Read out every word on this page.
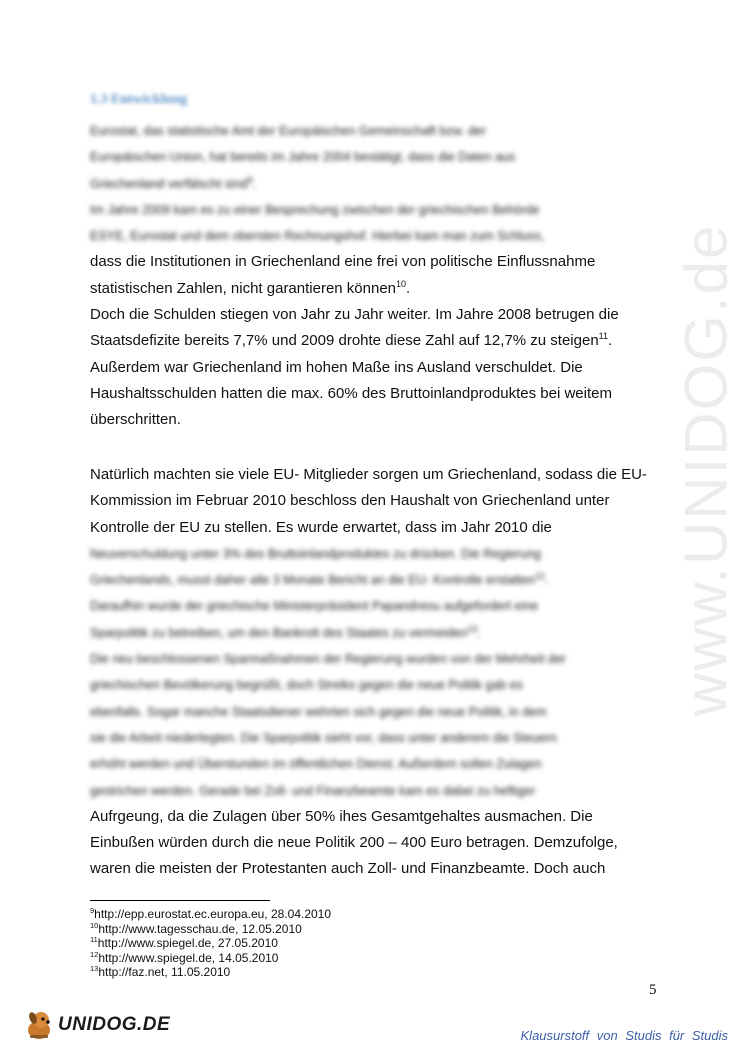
www.UNIDOG.de
1.3 Entwicklung
Eurostat, das statistische Amt der Europäischen Gemeinschaft bzw. der
Europäischen Union, hat bereits im Jahre 2004 bestätigt, dass die Daten aus
Griechenland verfälscht sind$^9$.
Im Jahre 2009 kam es zu einer Besprechung zwischen der griechischen Behörde
ESYE, Eurostat und dem obersten Rechnungshof. Hierbei kam man zum Schluss,
dass die Institutionen in Griechenland eine frei von politische Einflussnahme
statistischen Zahlen, nicht garantieren können$^{10}$.
Doch die Schulden stiegen von Jahr zu Jahr weiter. Im Jahre 2008 betrugen die
Staatsdefizite bereits 7,7% und 2009 drohte diese Zahl auf 12,7% zu steigen$^{11}$.
Außerdem war Griechenland im hohen Maße ins Ausland verschuldet. Die
Haushaltsschulden hatten die max. 60% des Bruttoinlandproduktes bei weitem
überschritten.
Natürlich machten sie viele EU- Mitglieder sorgen um Griechenland, sodass die EU-
Kommission im Februar 2010 beschloss den Haushalt von Griechenland unter
Kontrolle der EU zu stellen. Es wurde erwartet, dass im Jahr 2010 die
Neuverschuldung unter 3% des Bruttoinlandproduktes zu drücken. Die Regierung
Griechenlands, musst daher alle 3 Monate Bericht an die EU- Kontrolle erstatten$^{12}$.
Daraufhin wurde der griechische Ministerpräsident Papandreou aufgefordert eine
Sparpolitik zu betreiben, um den Bankrott des Staates zu vermeiden$^{13}$.
Die neu beschlossenen Sparmaßnahmen der Regierung wurden von der Mehrheit der
griechischen Bevölkerung begrüßt, doch Streiks gegen die neue Politik gab es
ebenfalls. Sogar manche Staatsdiener wehrten sich gegen die neue Politik, in dem
sie die Arbeit niederlegten. Die Sparpolitik sieht vor, dass unter anderem die Steuern
erhöht werden und Überstunden im öffentlichen Dienst. Außerdem sollen Zulagen
gestrichen werden. Gerade bei Zoll- und Finanzbeamte kam es dabei zu heftiger
Aufrgeung, da die Zulagen über 50% ihes Gesamtgehaltes ausmachen. Die
Einbußen würden durch die neue Politik 200 – 400 Euro betragen. Demzufolge,
waren die meisten der Protestanten auch Zoll- und Finanzbeamte. Doch auch
$^9$http://epp.eurostat.ec.europa.eu, 28.04.2010
$^{10}$http://www.tagesschau.de, 12.05.2010
$^{11}$http://www.spiegel.de, 27.05.2010
$^{12}$http://www.spiegel.de, 14.05.2010
$^{13}$http://faz.net, 11.05.2010
5
UNIDOG.DE
Klausurstoff von Studis für Studis
